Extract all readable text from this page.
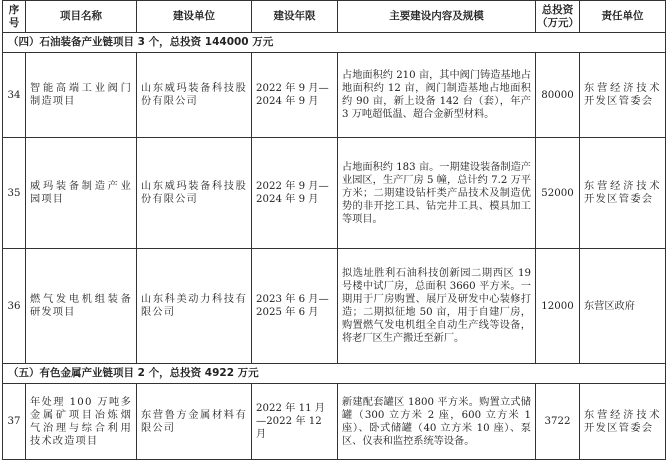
序号	项目名称	建设单位	建设年限	主要建设内容及规模	总投资（万元）	责任单位
（四）石油装备产业链项目 3 个，总投资 144000 万元						
34	智能高端工业阀门制造项目	山东威玛装备科技股份有限公司	2022 年 9 月—2024 年 9 月	占地面积约 210 亩，其中阀门铸造基地占地面积约 12 亩，阀门制造基地占地面积约 90 亩，新上设备 142 台（套），年产 3 万吨超低温、超合金新型材料。	80000	东营经济技术开发区管委会
35	威玛装备制造产业园项目	山东威玛装备科技股份有限公司	2022 年 9 月—2024 年 9 月	占地面积约 183 亩。一期建设装备制造产业园区，生产厂房 5 幢，总计约 7.2 万平方米；二期建设钻杆类产品技术及制造优势的非开挖工具、钻完井工具、模具加工等项目。	52000	东营经济技术开发区管委会
36	燃气发电机组装备研发项目	山东科美动力科技有限公司	2023 年 6 月—2025 年 6 月	拟选址胜利石油科技创新园二期西区 19 号楼中试厂房，总面积 3660 平方米。一期用于厂房购置、展厅及研发中心装修打造；二期拟征地 50 亩，用于自建厂房，购置燃气发电机组全自动生产线等设备，将老厂区生产搬迁至新厂。	12000	东营区政府
（五）有色金属产业链项目 2 个，总投资 4922 万元						
37	年处理 100 万吨多金属矿项目冶炼烟气治理与综合利用技术改造项目	东营鲁方金属材料有限公司	2022 年 11 月—2022 年 12 月	新建配套罐区 1800 平方米。购置立式储罐（300 立方米 2 座，600 立方米 1 座）、卧式储罐（40 立方米 10 座）、泵区、仪表和监控系统等设备。	3722	东营经济技术开发区管委会
